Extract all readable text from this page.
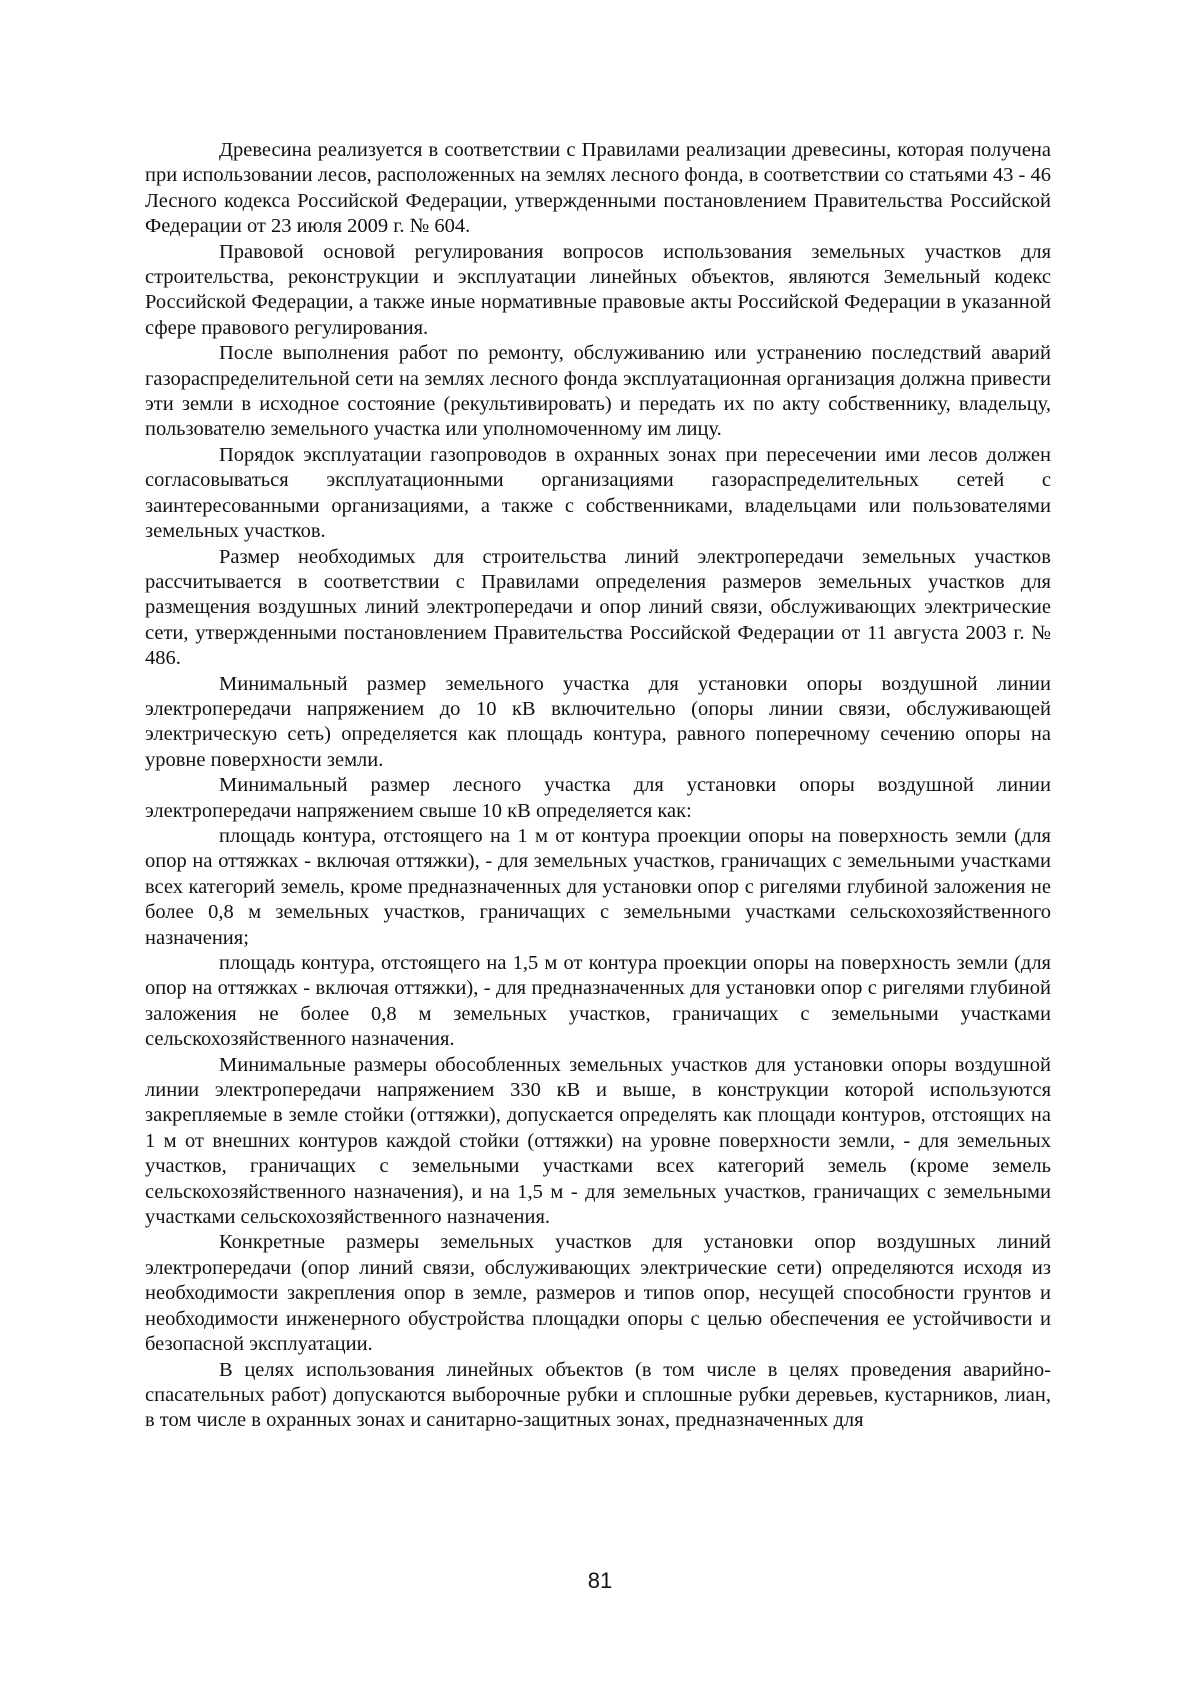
Древесина реализуется в соответствии с Правилами реализации древесины, которая получена при использовании лесов, расположенных на землях лесного фонда, в соответствии со статьями 43 - 46 Лесного кодекса Российской Федерации, утвержденными постановлением Правительства Российской Федерации от 23 июля 2009 г. № 604.

Правовой основой регулирования вопросов использования земельных участков для строительства, реконструкции и эксплуатации линейных объектов, являются Земельный кодекс Российской Федерации, а также иные нормативные правовые акты Российской Федерации в указанной сфере правового регулирования.

После выполнения работ по ремонту, обслуживанию или устранению последствий аварий газораспределительной сети на землях лесного фонда эксплуатационная организация должна привести эти земли в исходное состояние (рекультивировать) и передать их по акту собственнику, владельцу, пользователю земельного участка или уполномоченному им лицу.

Порядок эксплуатации газопроводов в охранных зонах при пересечении ими лесов должен согласовываться эксплуатационными организациями газораспределительных сетей с заинтересованными организациями, а также с собственниками, владельцами или пользователями земельных участков.

Размер необходимых для строительства линий электропередачи земельных участков рассчитывается в соответствии с Правилами определения размеров земельных участков для размещения воздушных линий электропередачи и опор линий связи, обслуживающих электрические сети, утвержденными постановлением Правительства Российской Федерации от 11 августа 2003 г. № 486.

Минимальный размер земельного участка для установки опоры воздушной линии электропередачи напряжением до 10 кВ включительно (опоры линии связи, обслуживающей электрическую сеть) определяется как площадь контура, равного поперечному сечению опоры на уровне поверхности земли.

Минимальный размер лесного участка для установки опоры воздушной линии электропередачи напряжением свыше 10 кВ определяется как:

площадь контура, отстоящего на 1 м от контура проекции опоры на поверхность земли (для опор на оттяжках - включая оттяжки), - для земельных участков, граничащих с земельными участками всех категорий земель, кроме предназначенных для установки опор с ригелями глубиной заложения не более 0,8 м земельных участков, граничащих с земельными участками сельскохозяйственного назначения;

площадь контура, отстоящего на 1,5 м от контура проекции опоры на поверхность земли (для опор на оттяжках - включая оттяжки), - для предназначенных для установки опор с ригелями глубиной заложения не более 0,8 м земельных участков, граничащих с земельными участками сельскохозяйственного назначения.

Минимальные размеры обособленных земельных участков для установки опоры воздушной линии электропередачи напряжением 330 кВ и выше, в конструкции которой используются закрепляемые в земле стойки (оттяжки), допускается определять как площади контуров, отстоящих на 1 м от внешних контуров каждой стойки (оттяжки) на уровне поверхности земли, - для земельных участков, граничащих с земельными участками всех категорий земель (кроме земель сельскохозяйственного назначения), и на 1,5 м - для земельных участков, граничащих с земельными участками сельскохозяйственного назначения.

Конкретные размеры земельных участков для установки опор воздушных линий электропередачи (опор линий связи, обслуживающих электрические сети) определяются исходя из необходимости закрепления опор в земле, размеров и типов опор, несущей способности грунтов и необходимости инженерного обустройства площадки опоры с целью обеспечения ее устойчивости и безопасной эксплуатации.

В целях использования линейных объектов (в том числе в целях проведения аварийно-спасательных работ) допускаются выборочные рубки и сплошные рубки деревьев, кустарников, лиан, в том числе в охранных зонах и санитарно-защитных зонах, предназначенных для

81
